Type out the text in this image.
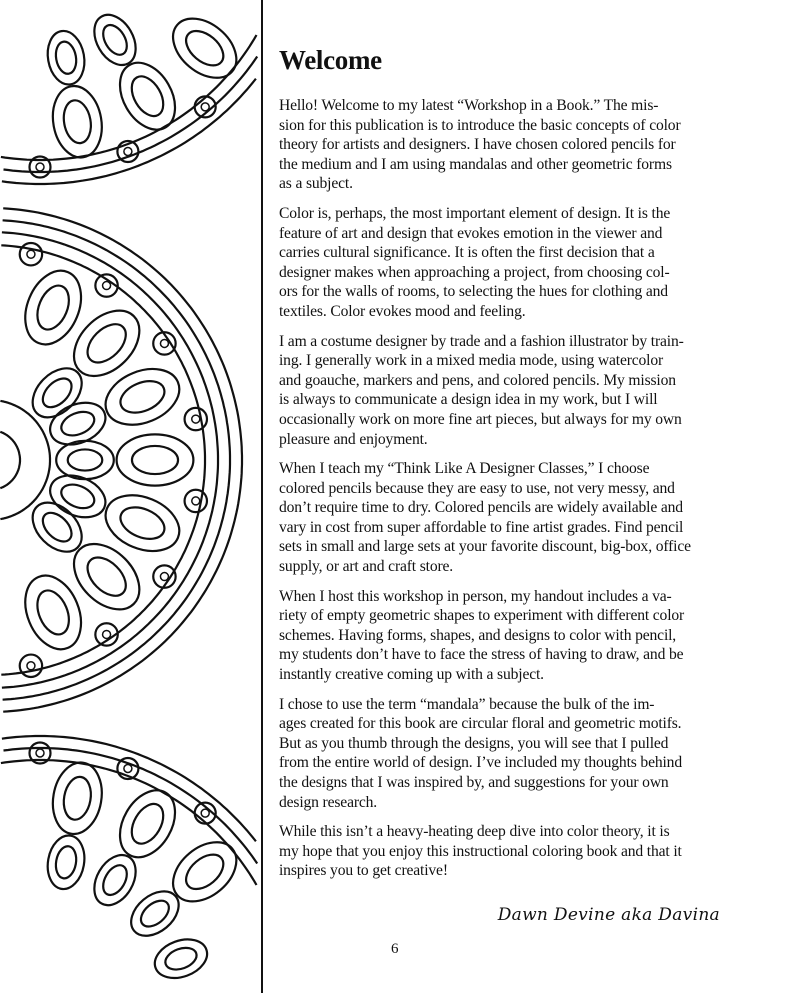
Welcome
Hello! Welcome to my latest “Workshop in a Book.” The mis-
sion for this publication is to introduce the basic concepts of color
theory for artists and designers. I have chosen colored pencils for
the medium and I am using mandalas and other geometric forms
as a subject.
Color is, perhaps, the most important element of design. It is the
feature of art and design that evokes emotion in the viewer and
carries cultural significance. It is often the first decision that a
designer makes when approaching a project, from choosing col-
ors for the walls of rooms, to selecting the hues for clothing and
textiles. Color evokes mood and feeling.
I am a costume designer by trade and a fashion illustrator by train-
ing. I generally work in a mixed media mode, using watercolor
and goauche, markers and pens, and colored pencils. My mission
is always to communicate a design idea in my work, but I will
occasionally work on more fine art pieces, but always for my own
pleasure and enjoyment.
When I teach my “Think Like A Designer Classes,” I choose
colored pencils because they are easy to use, not very messy, and
don’t require time to dry. Colored pencils are widely available and
vary in cost from super affordable to fine artist grades. Find pencil
sets in small and large sets at your favorite discount, big-box, office
supply, or art and craft store.
When I host this workshop in person, my handout includes a va-
riety of empty geometric shapes to experiment with different color
schemes. Having forms, shapes, and designs to color with pencil,
my students don’t have to face the stress of having to draw, and be
instantly creative coming up with a subject.
I chose to use the term “mandala” because the bulk of the im-
ages created for this book are circular floral and geometric motifs.
But as you thumb through the designs, you will see that I pulled
from the entire world of design. I’ve included my thoughts behind
the designs that I was inspired by, and suggestions for your own
design research.
While this isn’t a heavy-heating deep dive into color theory, it is
my hope that you enjoy this instructional coloring book and that it
inspires you to get creative!
Dawn Devine aka Davina
6
